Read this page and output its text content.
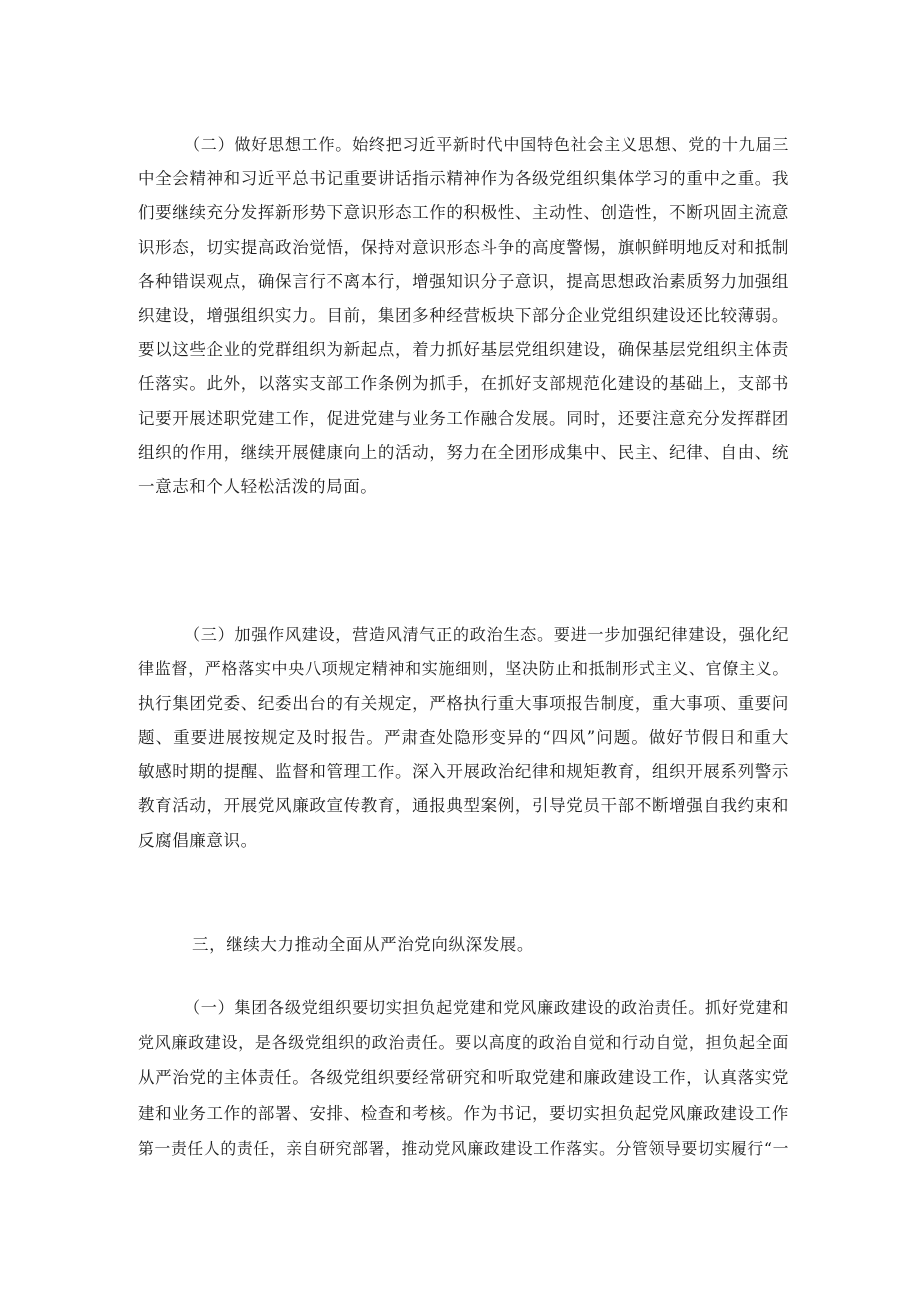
（二）做好思想工作。始终把习近平新时代中国特色社会主义思想、党的十九届三
中全会精神和习近平总书记重要讲话指示精神作为各级党组织集体学习的重中之重。我
们要继续充分发挥新形势下意识形态工作的积极性、主动性、创造性，不断巩固主流意
识形态，切实提高政治觉悟，保持对意识形态斗争的高度警惕，旗帜鲜明地反对和抵制
各种错误观点，确保言行不离本行，增强知识分子意识，提高思想政治素质努力加强组
织建设，增强组织实力。目前，集团多种经营板块下部分企业党组织建设还比较薄弱。
要以这些企业的党群组织为新起点，着力抓好基层党组织建设，确保基层党组织主体责
任落实。此外，以落实支部工作条例为抓手，在抓好支部规范化建设的基础上，支部书
记要开展述职党建工作，促进党建与业务工作融合发展。同时，还要注意充分发挥群团
组织的作用，继续开展健康向上的活动，努力在全团形成集中、民主、纪律、自由、统
一意志和个人轻松活泼的局面。
（三）加强作风建设，营造风清气正的政治生态。要进一步加强纪律建设，强化纪
律监督，严格落实中央八项规定精神和实施细则，坚决防止和抵制形式主义、官僚主义。
执行集团党委、纪委出台的有关规定，严格执行重大事项报告制度，重大事项、重要问
题、重要进展按规定及时报告。严肃查处隐形变异的“四风”问题。做好节假日和重大
敏感时期的提醒、监督和管理工作。深入开展政治纪律和规矩教育，组织开展系列警示
教育活动，开展党风廉政宣传教育，通报典型案例，引导党员干部不断增强自我约束和
反腐倡廉意识。
三，继续大力推动全面从严治党向纵深发展。
（一）集团各级党组织要切实担负起党建和党风廉政建设的政治责任。抓好党建和
党风廉政建设，是各级党组织的政治责任。要以高度的政治自觉和行动自觉，担负起全面
从严治党的主体责任。各级党组织要经常研究和听取党建和廉政建设工作，认真落实党
建和业务工作的部署、安排、检查和考核。作为书记，要切实担负起党风廉政建设工作
第一责任人的责任，亲自研究部署，推动党风廉政建设工作落实。分管领导要切实履行“一
